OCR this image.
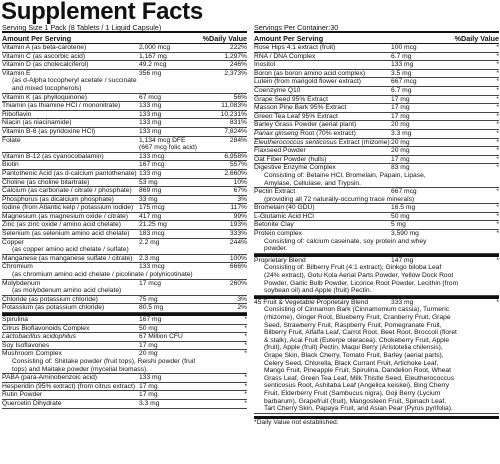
Supplement Facts
Serving Size 1 Pack (8 Tablets / 1 Liquid Capsule)	Servings Per Container:30
Amount Per Serving	%Daily Value
Vitamin A (as beta-carotene)	2,000 mcg	222%
Vitamin C (as ascorbic acid)	1,167 mg	1,297%
Vitamin D (as cholecalciferol)	49.2 mcg	246%
Vitamin E	356 mg	2,373%
(as d-Alpha tocopheryl acetate / succinate
and mixed tocopherols)
Vitamin K (as phylloquinone)	67 mcg	56%
Thiamin (as thiamine HCl / mononitrate)	133 mg	11,083%
Riboflavin	133 mg	10,231%
Niacin (as niacinamide)	133 mg	831%
Vitamin B-6 (as pyridoxine HCl)	133 mg	7,824%
Folate	1,134 mcg DFE	284%
(667 mcg folic acid)
Vitamin B-12 (as cyanocobalamin)	133 mcg	6,958%
Biotin	167 mcg	557%
Pantothenic Acid (as d-calcium pantothenate) 133 mg	2,660%
Choline (as choline bitartrate)	53 mg	10%
Calcium (as carbonate / citrate / phosphate)	869 mg	67%
Phosphorus (as dicalcium phosphate)	33 mg	3%
Iodine (from Atlantic kelp / potassium iodide) 175 mcg	117%
Magnesium (as magnesium oxide / citrate)	417 mg	99%
Zinc (as zinc oxide / amino acid chelate)	21.25 mg	193%
Selenium (as selenium amino acid chelate)	183 mcg	333%
Copper	2.2 mg	244%
(as copper amino acid chelate / sulfate)
Manganese (as manganese sulfate / citrate) 2.3 mg	100%
Chromium	133 mcg	666%
(as chromium amino acid chelate / picolinate / polynicotinate)
Molybdenum	17 mcg	260%
(as molybdenum amino acid chelate)
Chloride (as potassium chloride)	75 mg	3%
Potassium (as potassium chloride)	80.5 mg	2%
Spirulina	167 mg	*
Citrus Bioflavonoids Complex	50 mg	*
Lactobacillus acidophilus	67 Million CFU	*
Soy Isoflavones	17 mg	*
Mushroom Complex	20 mg	*
Consisting of: Shiitake powder (fruit tops), Reishi powder (fruit
tops) and Maitake powder (mycelial biomass).
PABA (para-Aminobenzoic acid)	133 mg	*
Hesperidin (95% extract) (from citrus extract) 17 mg	*
Rutin Powder	17 mg	*
Quercetin Dihydrate	3.3 mg	*
Amount Per Serving	%Daily Value
Rose Hips 4:1 extract (fruit)	100 mcg	*
RNA / DNA Complex	6.7 mg	*
Inositol	133 mg	*
Boron (as boron amino acid complex)	3.5 mg	*
Lutein (from marigold flower extract)	667 mcg	*
Coenzyme Q10	6.7 mg	*
Grape Seed 95% Extract	17 mg	*
Masson Pine Bark 95% Extract	17 mg	*
Green Tea Leaf 95% Extract	17 mg	*
Barley Grass Powder (aerial plant)	20 mg	*
Panax ginseng Root (70% extract)	3.3 mg	*
Eleutherococcus senticosus Extract (rhizome) 20 mg	*
Flaxseed Powder	20 mg	*
Oat Fiber Powder (hulls)	17 mg	*
Digestive Enzyme Complex	83 mg	*
Consisting of: Betaine HCl, Bromelain, Papain, Lipase,
Amylase, Cellulase, and Trypsin.
Pectin Extract	667 mcg	*
(providing all 72 naturally-occurring trace minerals)
Bromelain (40 GDU)	16.5 mg	*
L-Glutamic Acid HCl	50 mg	*
Betonite Clay	5 mg	*
Protein complex	3,590 mg	*
Consisting of: calcium caseinate, soy protein and whey
powder.
Proprietary Blend	147 mg	*
Consisting of: Bilberry Fruit (4:1 extract), Ginkgo biloba Leaf
(24% extract), Gotu Kola Aerial Parts Powder, Yellow Dock Root
Powder, Garlic Bulb Powder, Licorice Root Powder, Lecithin (from
soybean oil) and Apple (fruit) Pectin.
45 Fruit & Vegetable Proprietary Blend	333 mg	*
Consisting of Cinnamon Bark (Cinnamomum cassia), Turmeric
(rhizome), Ginger Root, Blueberry Fruit, Cranberry Fruit, Grape
Seed, Strawberry Fruit, Raspberry Fruit, Pomegranate Fruit,
Bilberry Fruit, Alfalfa Leaf, Carrot Root, Beet Root, Broccoli (floret
& stalk), Acai Fruit (Euterpe oleracea), Chokeberry Fruit, Apple
(fruit), Apple (fruit) Pectin, Maqui Berry (Aristotelia chilensis),
Grape Skin, Black Cherry, Tomato Fruit, Barley (aerial parts),
Celery Seed, Chlorella, Black Currant Fruit, Artichoke Leaf,
Mango Fruit, Pineapple Fruit, Spirulina, Dandelion Root, Wheat
Grass Leaf, Green Tea Leaf, Milk Thistle Seed, Eleutherococcus
senticosus Root, Ashitaba Leaf (Angelica keiskei), Bing Cherry
Fruit, Elderberry Fruit (Sambucus nigra), Goji Berry (Lycium
barbarum), Grapefruit (fruit), Mangosteen Fruit, Spinach Leaf,
Tart Cherry Skin, Papaya Fruit, and Asian Pear (Pyrus pyrifolia).
*Daily Value not established.
